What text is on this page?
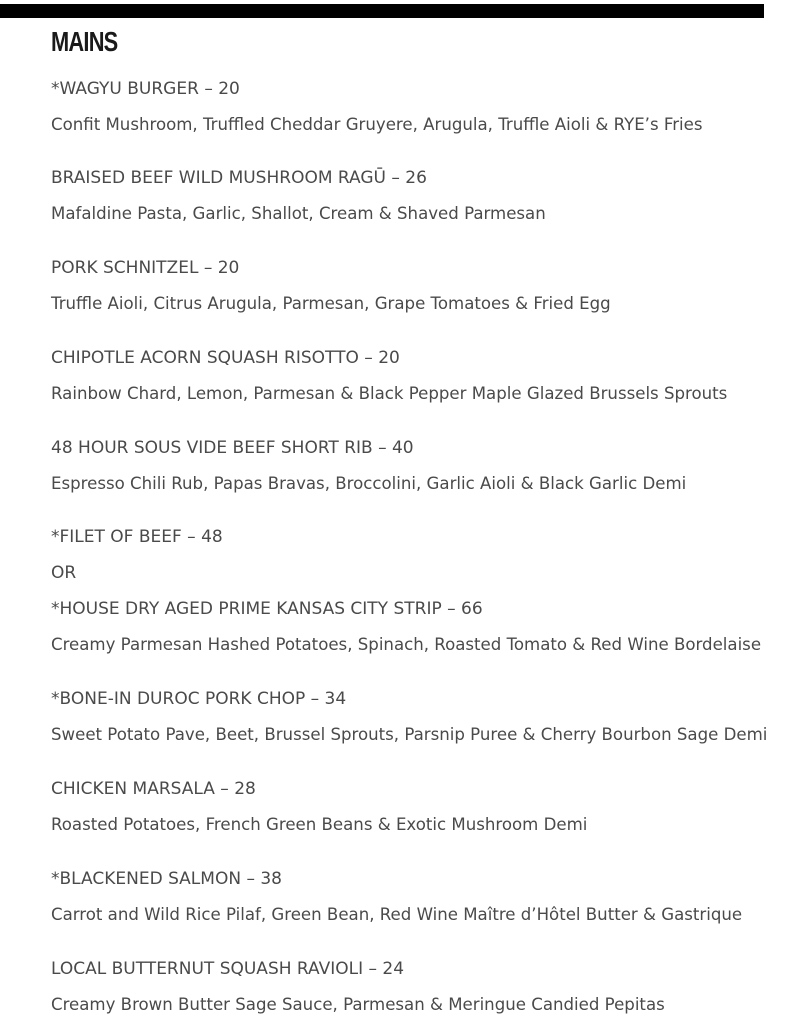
MAINS
*WAGYU BURGER – 20
Confit Mushroom, Truffled Cheddar Gruyere, Arugula, Truffle Aioli & RYE’s Fries
BRAISED BEEF WILD MUSHROOM RAGŪ – 26
Mafaldine Pasta, Garlic, Shallot, Cream & Shaved Parmesan
PORK SCHNITZEL – 20
Truffle Aioli, Citrus Arugula, Parmesan, Grape Tomatoes & Fried Egg
CHIPOTLE ACORN SQUASH RISOTTO – 20
Rainbow Chard, Lemon, Parmesan & Black Pepper Maple Glazed Brussels Sprouts
48 HOUR SOUS VIDE BEEF SHORT RIB – 40
Espresso Chili Rub, Papas Bravas, Broccolini, Garlic Aioli & Black Garlic Demi
*FILET OF BEEF – 48
OR
*HOUSE DRY AGED PRIME KANSAS CITY STRIP – 66
Creamy Parmesan Hashed Potatoes, Spinach, Roasted Tomato & Red Wine Bordelaise
*BONE-IN DUROC PORK CHOP – 34
Sweet Potato Pave, Beet, Brussel Sprouts, Parsnip Puree & Cherry Bourbon Sage Demi
CHICKEN MARSALA – 28
Roasted Potatoes, French Green Beans & Exotic Mushroom Demi
*BLACKENED SALMON – 38
Carrot and Wild Rice Pilaf, Green Bean, Red Wine Maître d’Hôtel Butter & Gastrique
LOCAL BUTTERNUT SQUASH RAVIOLI – 24
Creamy Brown Butter Sage Sauce, Parmesan & Meringue Candied Pepitas
